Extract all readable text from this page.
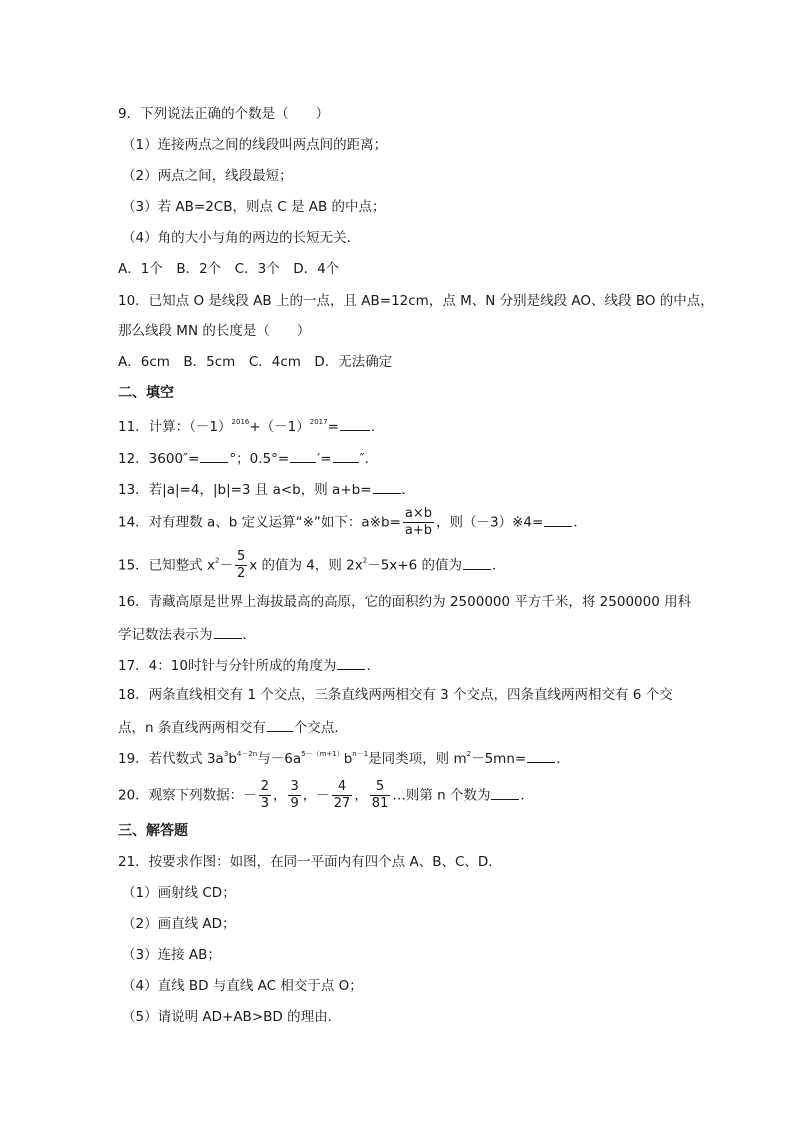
9．下列说法正确的个数是（　　）
（1）连接两点之间的线段叫两点间的距离；
（2）两点之间，线段最短；
（3）若 AB=2CB，则点 C 是 AB 的中点；
（4）角的大小与角的两边的长短无关．
A．1个　B．2个　C．3个　D．4个
10．已知点 O 是线段 AB 上的一点，且 AB=12cm，点 M、N 分别是线段 AO、线段 BO 的中点，
那么线段 MN 的长度是（　　）
A．6cm　B．5cm　C．4cm　D．无法确定
二、填空
11．计算：$(-1)^{2016}+(-1)^{2017}=$ ．
12．3600″= °；0.5°= ′= ″．
13．若|a|=4，|b|=3 且 a<b，则 a+b= ．
14．对有理数 a、b 定义运算“※”如下：a※b= $\frac{a\times b}{a+b}$ ，则（－3）※4= ．
15．已知整式 $x^2- \frac{5}{2}$ x 的值为 4，则 $2x^2-5x+6$ 的值为 ．
16．青藏高原是世界上海拔最高的高原，它的面积约为 2500000 平方千米，将 2500000 用科
学记数法表示为 ．
17．4：10时针与分针所成的角度为 ．
18．两条直线相交有 1 个交点，三条直线两两相交有 3 个交点，四条直线两两相交有 6 个交
点，n 条直线两两相交有 个交点．
19．若代数式 $3a^3b^{4-2n}$与$-6a^{5-(m+1)}b^{n-1}$是同类项，则 $m^2-5mn=$ ．
20．观察下列数据：－ $\frac{2}{3}$ ， $\frac{3}{9}$ ，－ $\frac{4}{27}$ ， $\frac{5}{81}$ …则第 n 个数为 ．
三、解答题
21．按要求作图：如图，在同一平面内有四个点 A、B、C、D．
（1）画射线 CD；
（2）画直线 AD；
（3）连接 AB；
（4）直线 BD 与直线 AC 相交于点 O；
（5）请说明 AD+AB>BD 的理由．
